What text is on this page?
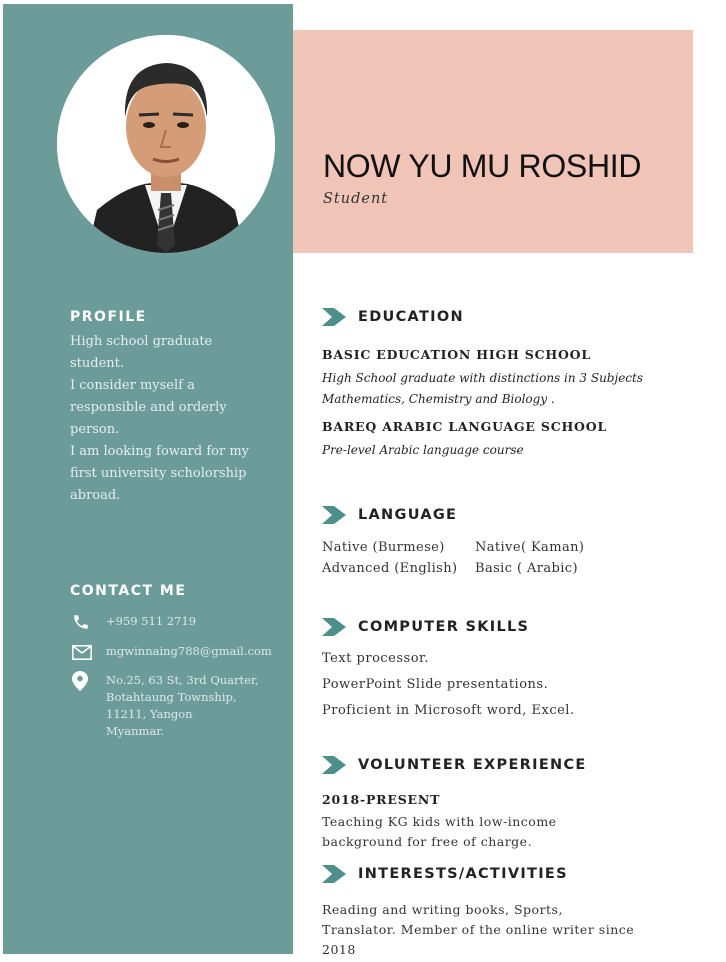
PROFILE
High school graduate
student.
I consider myself a
responsible and orderly
person.
I am looking foward for my
first university scholorship
abroad.
CONTACT ME
+959 511 2719
mgwinnaing788@gmail.com
No.25, 63 St, 3rd Quarter,
Botahtaung Township,
11211, Yangon
Myanmar.
NOW YU MU ROSHID
Student
EDUCATION
BASIC EDUCATION HIGH SCHOOL
High School graduate with distinctions in 3 Subjects
Mathematics, Chemistry and Biology .
BAREQ ARABIC LANGUAGE SCHOOL
Pre-level Arabic language course
LANGUAGE
Native (Burmese)	Native( Kaman)
Advanced (English)	Basic ( Arabic)
COMPUTER SKILLS
Text processor.
PowerPoint Slide presentations.
Proficient in Microsoft word, Excel.
VOLUNTEER EXPERIENCE
2018-PRESENT
Teaching KG kids with low-income
background for free of charge.
INTERESTS/ACTIVITIES
Reading and writing books, Sports,
Translator. Member of the online writer since
2018
